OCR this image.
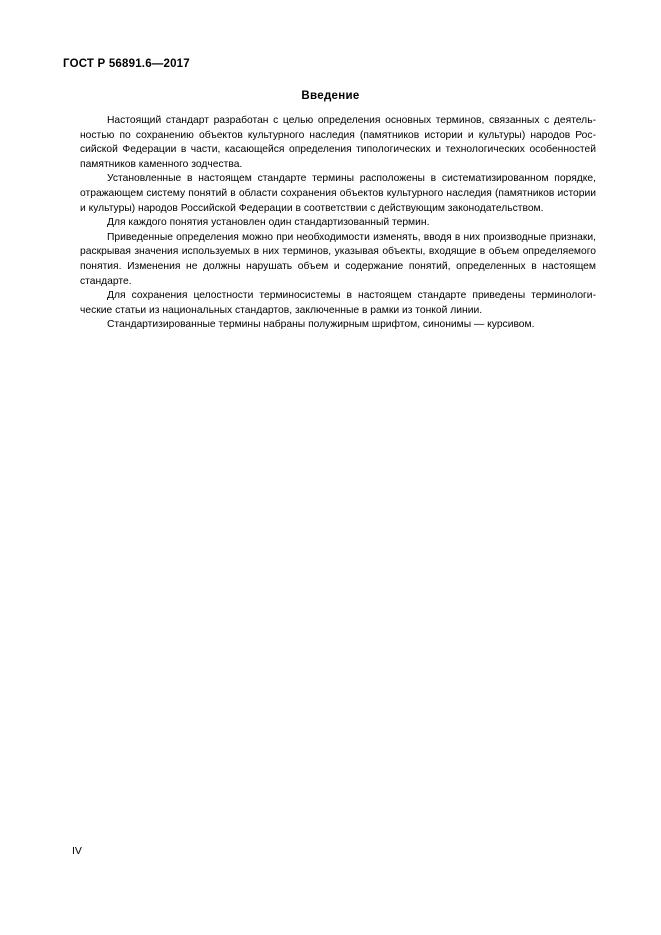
ГОСТ Р 56891.6—2017
Введение

Настоящий стандарт разработан с целью определения основных терминов, связанных с деятельностью по сохранению объектов культурного наследия (памятников истории и культуры) народов Российской Федерации в части, касающейся определения типологических и технологических особенностей памятников каменного зодчества.

Установленные в настоящем стандарте термины расположены в систематизированном порядке, отражающем систему понятий в области сохранения объектов культурного наследия (памятников истории и культуры) народов Российской Федерации в соответствии с действующим законодательством.

Для каждого понятия установлен один стандартизованный термин.

Приведенные определения можно при необходимости изменять, вводя в них производные признаки, раскрывая значения используемых в них терминов, указывая объекты, входящие в объем определяемого понятия. Изменения не должны нарушать объем и содержание понятий, определенных в настоящем стандарте.

Для сохранения целостности терминосистемы в настоящем стандарте приведены терминологические статьи из национальных стандартов, заключенные в рамки из тонкой линии.

Стандартизированные термины набраны полужирным шрифтом, синонимы — курсивом.

IV
